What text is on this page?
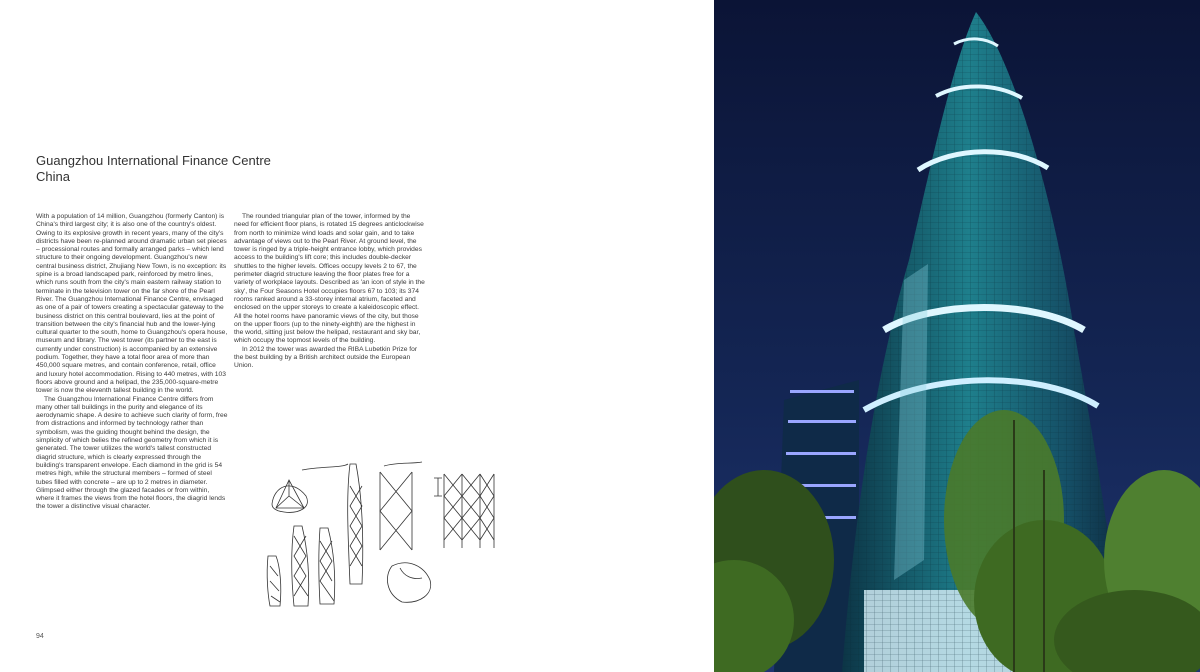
Guangzhou International Finance Centre
China

With a population of 14 million, Guangzhou (formerly Canton) is China's third largest city; it is also one of the country's oldest. Owing to its explosive growth in recent years, many of the city's districts have been re-planned around dramatic urban set pieces – processional routes and formally arranged parks – which lend structure to their ongoing development. Guangzhou's new central business district, Zhujiang New Town, is no exception: its spine is a broad landscaped park, reinforced by metro lines, which runs south from the city's main eastern railway station to terminate in the television tower on the far shore of the Pearl River. The Guangzhou International Finance Centre, envisaged as one of a pair of towers creating a spectacular gateway to the business district on this central boulevard, lies at the point of transition between the city's financial hub and the lower-lying cultural quarter to the south, home to Guangzhou's opera house, museum and library. The west tower (its partner to the east is currently under construction) is accompanied by an extensive podium. Together, they have a total floor area of more than 450,000 square metres, and contain conference, retail, office and luxury hotel accommodation. Rising to 440 metres, with 103 floors above ground and a helipad, the 235,000-square-metre tower is now the eleventh tallest building in the world.

The Guangzhou International Finance Centre differs from many other tall buildings in the purity and elegance of its aerodynamic shape. A desire to achieve such clarity of form, free from distractions and informed by technology rather than symbolism, was the guiding thought behind the design, the simplicity of which belies the refined geometry from which it is generated. The tower utilizes the world's tallest constructed diagrid structure, which is clearly expressed through the building's transparent envelope. Each diamond in the grid is 54 metres high, while the structural members – formed of steel tubes filled with concrete – are up to 2 metres in diameter. Glimpsed either through the glazed facades or from within, where it frames the views from the hotel floors, the diagrid lends the tower a distinctive visual character.

The rounded triangular plan of the tower, informed by the need for efficient floor plans, is rotated 15 degrees anticlockwise from north to minimize wind loads and solar gain, and to take advantage of views out to the Pearl River. At ground level, the tower is ringed by a triple-height entrance lobby, which provides access to the building's lift core; this includes double-decker shuttles to the higher levels. Offices occupy levels 2 to 67, the perimeter diagrid structure leaving the floor plates free for a variety of workplace layouts. Described as 'an icon of style in the sky', the Four Seasons Hotel occupies floors 67 to 103; its 374 rooms ranked around a 33-storey internal atrium, faceted and enclosed on the upper storeys to create a kaleidoscopic effect. All the hotel rooms have panoramic views of the city, but those on the upper floors (up to the ninety-eighth) are the highest in the world, sitting just below the helipad, restaurant and sky bar, which occupy the topmost levels of the building.

In 2012 the tower was awarded the RIBA Lubetkin Prize for the best building by a British architect outside the European Union.

94
